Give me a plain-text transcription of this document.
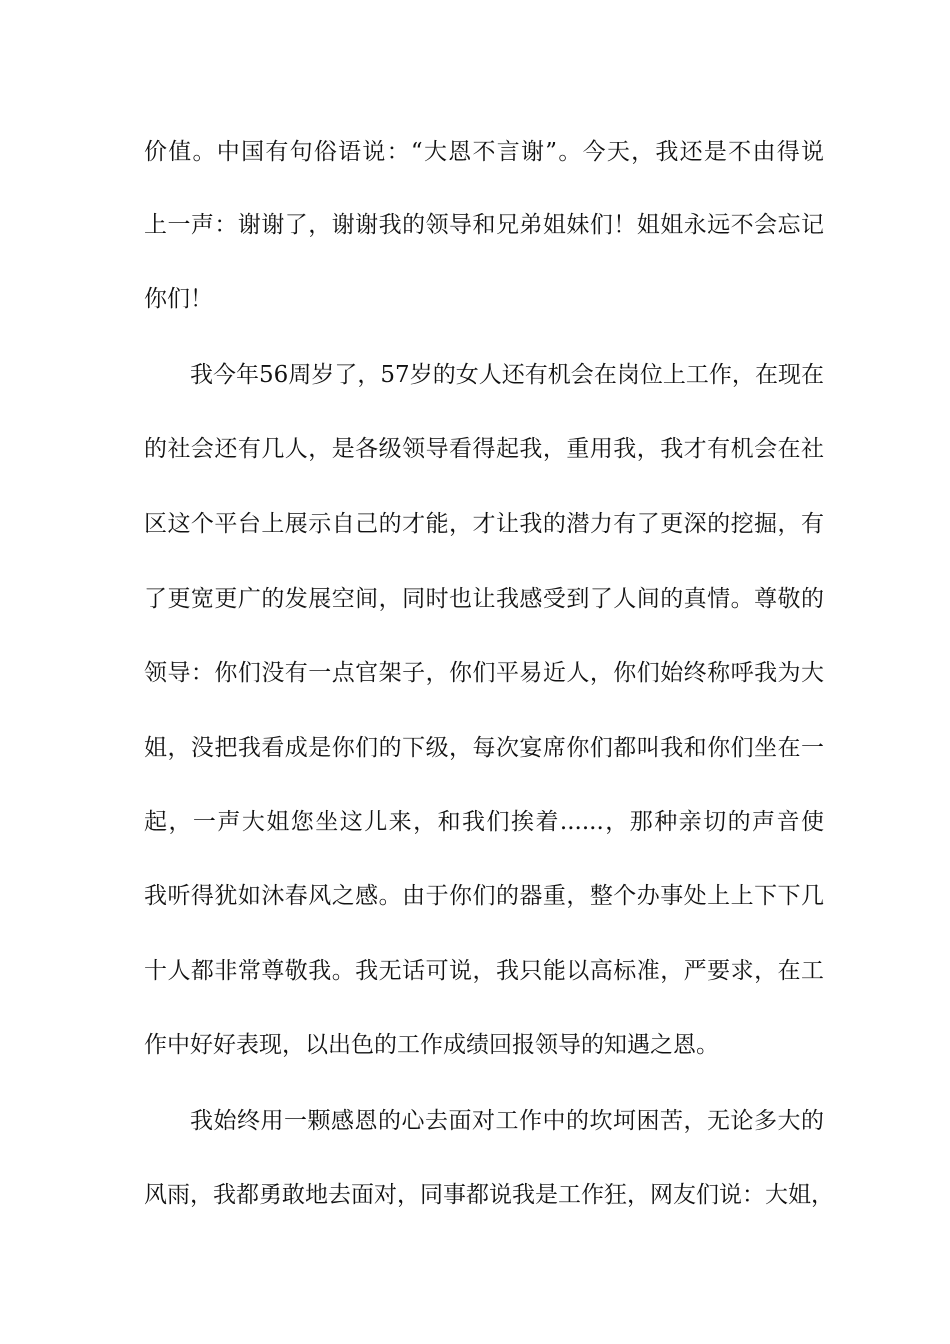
价值。中国有句俗语说：“大恩不言谢”。今天，我还是不由得说
上一声：谢谢了，谢谢我的领导和兄弟姐妹们！姐姐永远不会忘记
你们！
我今年56周岁了，57岁的女人还有机会在岗位上工作，在现在
的社会还有几人，是各级领导看得起我，重用我，我才有机会在社
区这个平台上展示自己的才能，才让我的潜力有了更深的挖掘，有
了更宽更广的发展空间，同时也让我感受到了人间的真情。尊敬的
领导：你们没有一点官架子，你们平易近人，你们始终称呼我为大
姐，没把我看成是你们的下级，每次宴席你们都叫我和你们坐在一
起，一声大姐您坐这儿来，和我们挨着......，那种亲切的声音使
我听得犹如沐春风之感。由于你们的器重，整个办事处上上下下几
十人都非常尊敬我。我无话可说，我只能以高标准，严要求，在工
作中好好表现，以出色的工作成绩回报领导的知遇之恩。
我始终用一颗感恩的心去面对工作中的坎坷困苦，无论多大的
风雨，我都勇敢地去面对，同事都说我是工作狂，网友们说：大姐，
